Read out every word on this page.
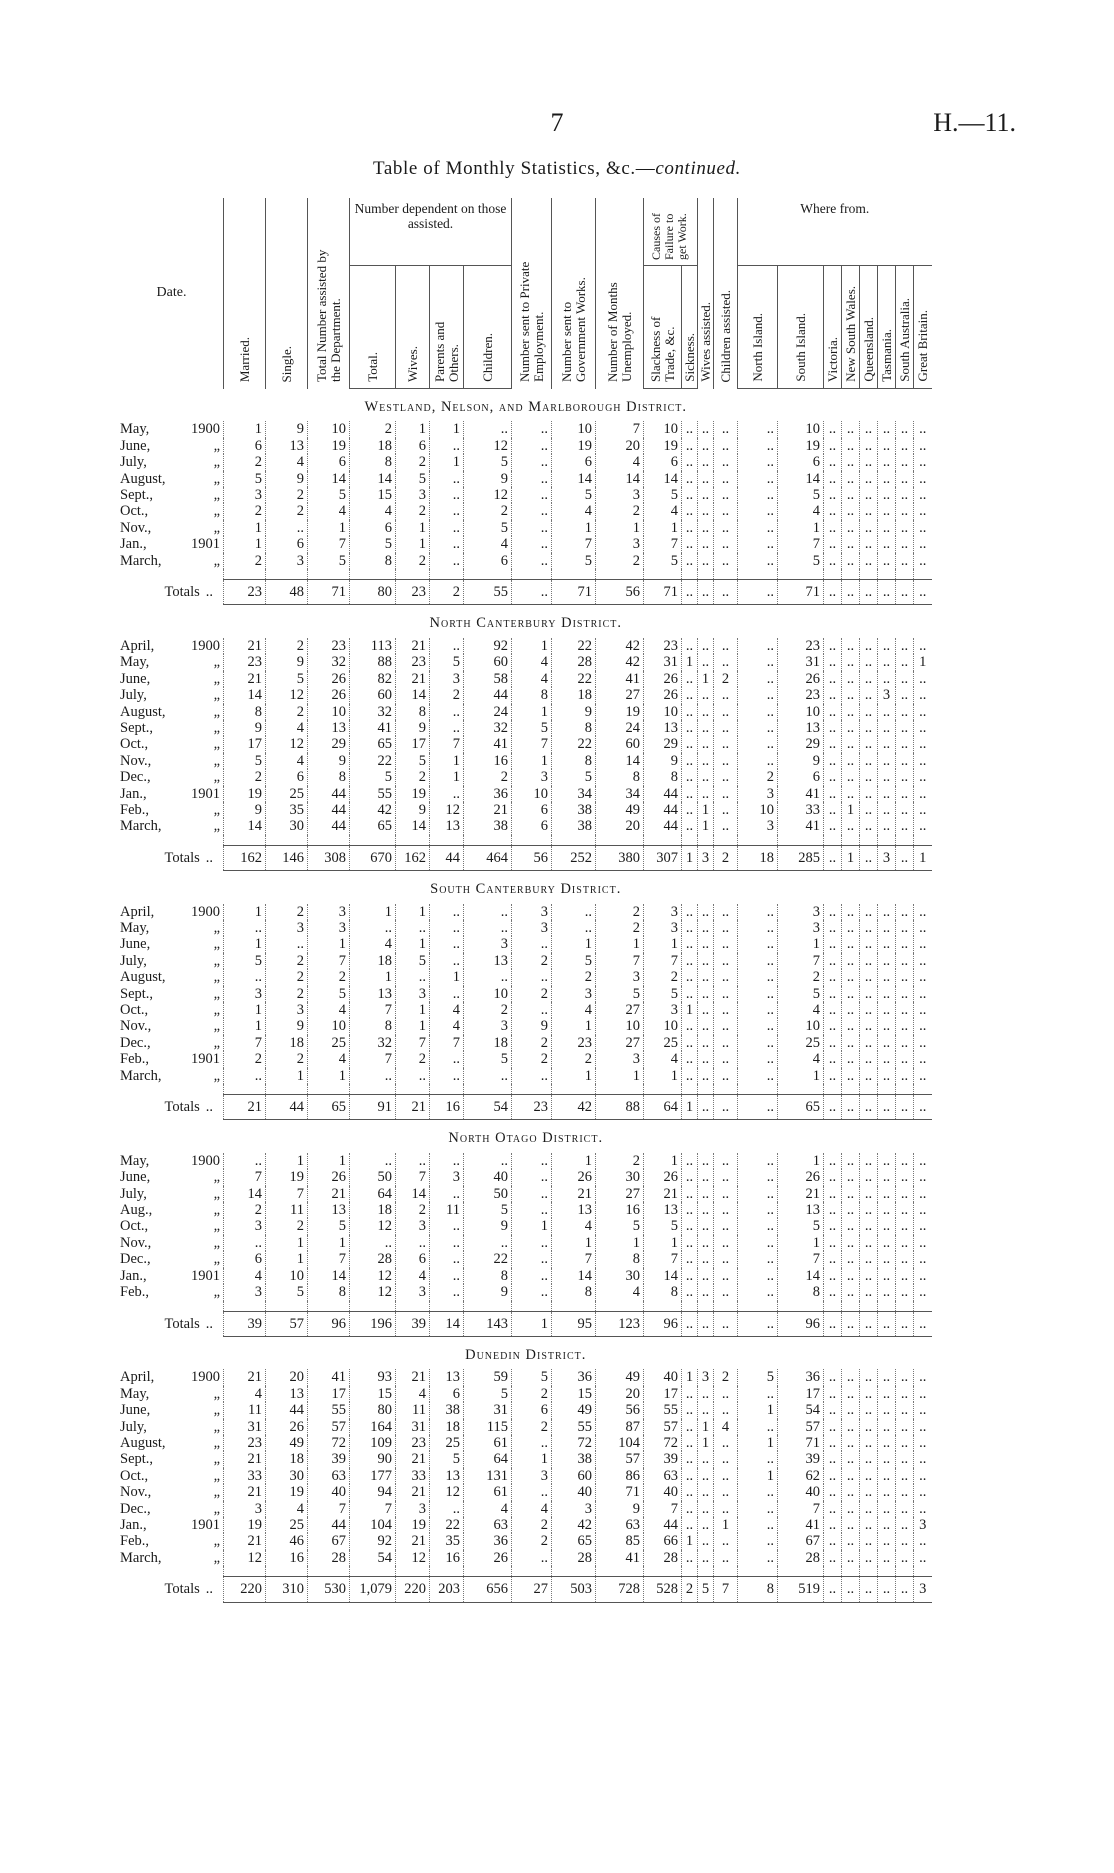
7	H.—11.
Table of Monthly Statistics, &c.—continued.
Date.	Married.	Single.	Total Number assisted by the Department.	Number dependent on those assisted.				Number sent to Private Employment.	Number sent to Government Works.	Number of Months Unemployed.	Causes of Failure to get Work.		Wives assisted.	Children assisted.	Where from.							
				Total.	Wives.	Parents and Others.	Children.				Slackness of Trade, &c.	Sickness.			North Island.	South Island.	Victoria.	New South Wales.	Queensland.	Tasmania.	South Australia.	Great Britain.
Westland, Nelson, and Marlborough District.																						
May, 1900	1	9	10	2	1	1	..	..	10	7	10	..	..	..	..	10	..	..	..	..	..	..
June, „	6	13	19	18	6	..	12	..	19	20	19	..	..	..	..	19	..	..	..	..	..	..
July, „	2	4	6	8	2	1	5	..	6	4	6	..	..	..	..	6	..	..	..	..	..	..
August, „	5	9	14	14	5	..	9	..	14	14	14	..	..	..	..	14	..	..	..	..	..	..
Sept., „	3	2	5	15	3	..	12	..	5	3	5	..	..	..	..	5	..	..	..	..	..	..
Oct., „	2	2	4	4	2	..	2	..	4	2	4	..	..	..	..	4	..	..	..	..	..	..
Nov., „	1	..	1	6	1	..	5	..	1	1	1	..	..	..	..	1	..	..	..	..	..	..
Jan., 1901	1	6	7	5	1	..	4	..	7	3	7	..	..	..	..	7	..	..	..	..	..	..
March, „	2	3	5	8	2	..	6	..	5	2	5	..	..	..	..	5	..	..	..	..	..	..

Totals ..	23	48	71	80	23	2	55	..	71	56	71	..	..	..	..	71	..	..	..	..	..	..
North Canterbury District.																						
April, 1900	21	2	23	113	21	..	92	1	22	42	23	..	..	..	..	23	..	..	..	..	..	..
May, „	23	9	32	88	23	5	60	4	28	42	31	1	..	..	..	31	..	..	..	..	..	1
June, „	21	5	26	82	21	3	58	4	22	41	26	..	1	2	..	26	..	..	..	..	..	..
July, „	14	12	26	60	14	2	44	8	18	27	26	..	..	..	..	23	..	..	..	3	..	..
August, „	8	2	10	32	8	..	24	1	9	19	10	..	..	..	..	10	..	..	..	..	..	..
Sept., „	9	4	13	41	9	..	32	5	8	24	13	..	..	..	..	13	..	..	..	..	..	..
Oct., „	17	12	29	65	17	7	41	7	22	60	29	..	..	..	..	29	..	..	..	..	..	..
Nov., „	5	4	9	22	5	1	16	1	8	14	9	..	..	..	..	9	..	..	..	..	..	..
Dec., „	2	6	8	5	2	1	2	3	5	8	8	..	..	..	2	6	..	..	..	..	..	..
Jan., 1901	19	25	44	55	19	..	36	10	34	34	44	..	..	..	3	41	..	..	..	..	..	..
Feb., „	9	35	44	42	9	12	21	6	38	49	44	..	1	..	10	33	..	1	..	..	..	..
March, „	14	30	44	65	14	13	38	6	38	20	44	..	1	..	3	41	..	..	..	..	..	..

Totals ..	162	146	308	670	162	44	464	56	252	380	307	1	3	2	18	285	..	1	..	3	..	1
South Canterbury District.																						
April, 1900	1	2	3	1	1	..	..	3	..	2	3	..	..	..	..	3	..	..	..	..	..	..
May, „	..	3	3	..	..	..	..	3	..	2	3	..	..	..	..	3	..	..	..	..	..	..
June, „	1	..	1	4	1	..	3	..	1	1	1	..	..	..	..	1	..	..	..	..	..	..
July, „	5	2	7	18	5	..	13	2	5	7	7	..	..	..	..	7	..	..	..	..	..	..
August, „	..	2	2	1	..	1	..	..	2	3	2	..	..	..	..	2	..	..	..	..	..	..
Sept., „	3	2	5	13	3	..	10	2	3	5	5	..	..	..	..	5	..	..	..	..	..	..
Oct., „	1	3	4	7	1	4	2	..	4	27	3	1	..	..	..	4	..	..	..	..	..	..
Nov., „	1	9	10	8	1	4	3	9	1	10	10	..	..	..	..	10	..	..	..	..	..	..
Dec., „	7	18	25	32	7	7	18	2	23	27	25	..	..	..	..	25	..	..	..	..	..	..
Feb., 1901	2	2	4	7	2	..	5	2	2	3	4	..	..	..	..	4	..	..	..	..	..	..
March, „	..	1	1	..	..	..	..	..	1	1	1	..	..	..	..	1	..	..	..	..	..	..

Totals ..	21	44	65	91	21	16	54	23	42	88	64	1	..	..	..	65	..	..	..	..	..	..
North Otago District.																						
May, 1900	..	1	1	..	..	..	..	..	1	2	1	..	..	..	..	1	..	..	..	..	..	..
June, „	7	19	26	50	7	3	40	..	26	30	26	..	..	..	..	26	..	..	..	..	..	..
July, „	14	7	21	64	14	..	50	..	21	27	21	..	..	..	..	21	..	..	..	..	..	..
Aug., „	2	11	13	18	2	11	5	..	13	16	13	..	..	..	..	13	..	..	..	..	..	..
Oct., „	3	2	5	12	3	..	9	1	4	5	5	..	..	..	..	5	..	..	..	..	..	..
Nov., „	..	1	1	..	..	..	..	..	1	1	1	..	..	..	..	1	..	..	..	..	..	..
Dec., „	6	1	7	28	6	..	22	..	7	8	7	..	..	..	..	7	..	..	..	..	..	..
Jan., 1901	4	10	14	12	4	..	8	..	14	30	14	..	..	..	..	14	..	..	..	..	..	..
Feb., „	3	5	8	12	3	..	9	..	8	4	8	..	..	..	..	8	..	..	..	..	..	..

Totals ..	39	57	96	196	39	14	143	1	95	123	96	..	..	..	..	96	..	..	..	..	..	..
Dunedin District.																						
April, 1900	21	20	41	93	21	13	59	5	36	49	40	1	3	2	5	36	..	..	..	..	..	..
May, „	4	13	17	15	4	6	5	2	15	20	17	..	..	..	..	17	..	..	..	..	..	..
June, „	11	44	55	80	11	38	31	6	49	56	55	..	..	..	1	54	..	..	..	..	..	..
July, „	31	26	57	164	31	18	115	2	55	87	57	..	1	4	..	57	..	..	..	..	..	..
August, „	23	49	72	109	23	25	61	..	72	104	72	..	1	..	1	71	..	..	..	..	..	..
Sept., „	21	18	39	90	21	5	64	1	38	57	39	..	..	..	..	39	..	..	..	..	..	..
Oct., „	33	30	63	177	33	13	131	3	60	86	63	..	..	..	1	62	..	..	..	..	..	..
Nov., „	21	19	40	94	21	12	61	..	40	71	40	..	..	..	..	40	..	..	..	..	..	..
Dec., „	3	4	7	7	3	..	4	4	3	9	7	..	..	..	..	7	..	..	..	..	..	..
Jan., 1901	19	25	44	104	19	22	63	2	42	63	44	..	..	1	..	41	..	..	..	..	..	3
Feb., „	21	46	67	92	21	35	36	2	65	85	66	1	..	..	..	67	..	..	..	..	..	..
March, „	12	16	28	54	12	16	26	..	28	41	28	..	..	..	..	28	..	..	..	..	..	..

Totals ..	220	310	530	1,079	220	203	656	27	503	728	528	2	5	7	8	519	..	..	..	..	..	3
